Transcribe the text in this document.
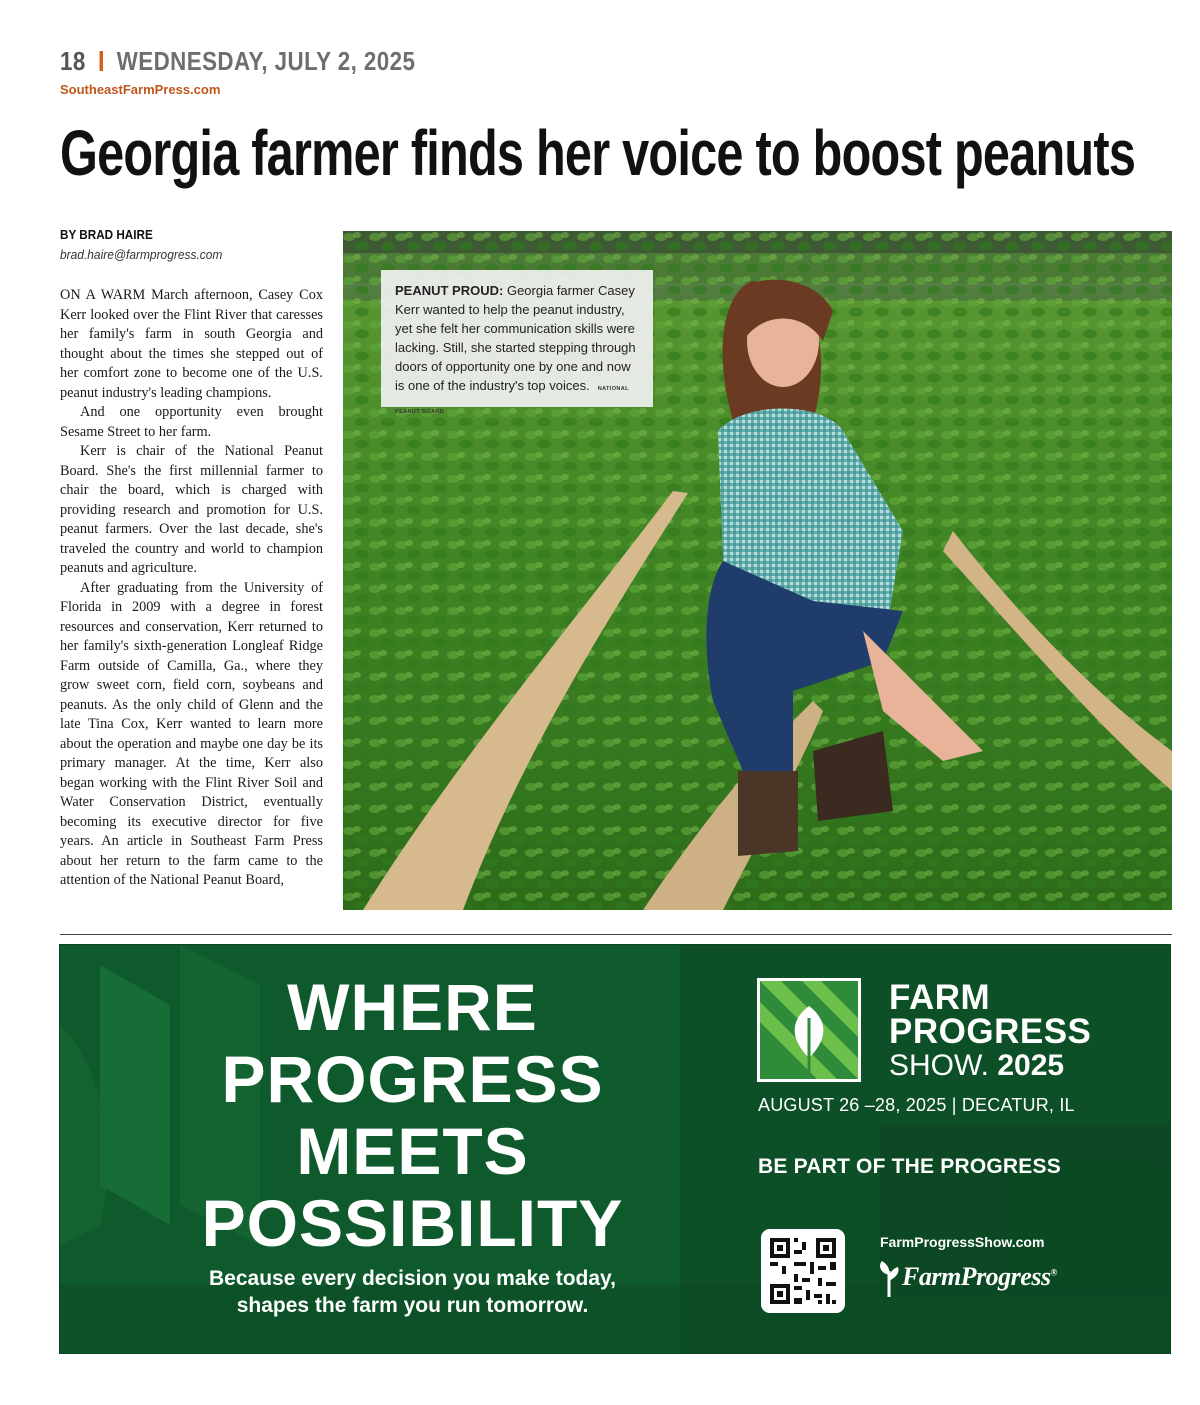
18 WEDNESDAY, JULY 2, 2025
SoutheastFarmPress.com
Georgia farmer finds her voice to boost peanuts
BY BRAD HAIRE
brad.haire@farmprogress.com

ON A WARM March afternoon, Casey Cox Kerr looked over the Flint River that caresses her family's farm in south Georgia and thought about the times she stepped out of her comfort zone to become one of the U.S. peanut industry's leading champions.

And one opportunity even brought Sesame Street to her farm.

Kerr is chair of the National Peanut Board. She's the first millennial farmer to chair the board, which is charged with providing research and promotion for U.S. peanut farmers. Over the last decade, she's traveled the country and world to champion peanuts and agriculture.

After graduating from the University of Florida in 2009 with a degree in forest resources and conservation, Kerr returned to her family's sixth-generation Longleaf Ridge Farm outside of Camilla, Ga., where they grow sweet corn, field corn, soybeans and peanuts. As the only child of Glenn and the late Tina Cox, Kerr wanted to learn more about the operation and maybe one day be its primary manager. At the time, Kerr also began working with the Flint River Soil and Water Conservation District, eventually becoming its executive director for five years. An article in Southeast Farm Press about her return to the farm came to the attention of the National Peanut Board,

PEANUT PROUD: Georgia farmer Casey Kerr wanted to help the peanut industry, yet she felt her communication skills were lacking. Still, she started stepping through doors of opportunity one by one and now is one of the industry's top voices. NATIONAL PEANUT BOARD
WHERE
PROGRESS
MEETS
POSSIBILITY
Because every decision you make today,
shapes the farm you run tomorrow.
FARM
PROGRESS
SHOW. 2025
AUGUST 26 –28, 2025 | DECATUR, IL
BE PART OF THE PROGRESS
FarmProgressShow.com
FarmProgress®
